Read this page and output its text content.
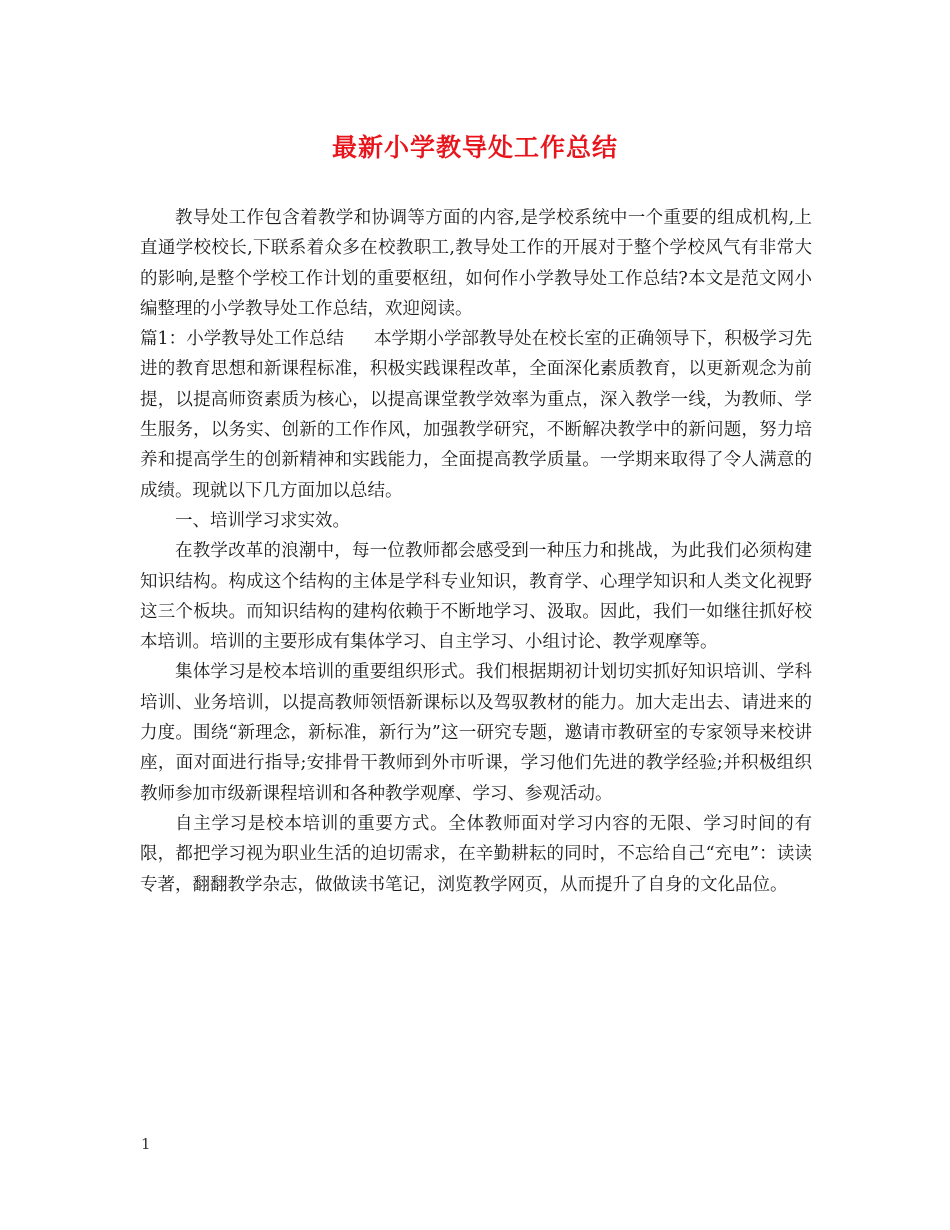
最新小学教导处工作总结

教导处工作包含着教学和协调等方面的内容,是学校系统中一个重要的组成机构,上直通学校校长,下联系着众多在校教职工,教导处工作的开展对于整个学校风气有非常大的影响,是整个学校工作计划的重要枢纽，如何作小学教导处工作总结?本文是范文网小编整理的小学教导处工作总结，欢迎阅读。

篇1：小学教导处工作总结 本学期小学部教导处在校长室的正确领导下，积极学习先进的教育思想和新课程标准，积极实践课程改革，全面深化素质教育，以更新观念为前提，以提高师资素质为核心，以提高课堂教学效率为重点，深入教学一线，为教师、学生服务，以务实、创新的工作作风，加强教学研究，不断解决教学中的新问题，努力培养和提高学生的创新精神和实践能力，全面提高教学质量。一学期来取得了令人满意的成绩。现就以下几方面加以总结。

一、培训学习求实效。

在教学改革的浪潮中，每一位教师都会感受到一种压力和挑战，为此我们必须构建知识结构。构成这个结构的主体是学科专业知识，教育学、心理学知识和人类文化视野这三个板块。而知识结构的建构依赖于不断地学习、汲取。因此，我们一如继往抓好校本培训。培训的主要形成有集体学习、自主学习、小组讨论、教学观摩等。

集体学习是校本培训的重要组织形式。我们根据期初计划切实抓好知识培训、学科培训、业务培训，以提高教师领悟新课标以及驾驭教材的能力。加大走出去、请进来的力度。围绕“新理念，新标准，新行为”这一研究专题，邀请市教研室的专家领导来校讲座，面对面进行指导;安排骨干教师到外市听课，学习他们先进的教学经验;并积极组织教师参加市级新课程培训和各种教学观摩、学习、参观活动。

自主学习是校本培训的重要方式。全体教师面对学习内容的无限、学习时间的有限，都把学习视为职业生活的迫切需求，在辛勤耕耘的同时，不忘给自己“充电”：读读专著，翻翻教学杂志，做做读书笔记，浏览教学网页，从而提升了自身的文化品位。

1
